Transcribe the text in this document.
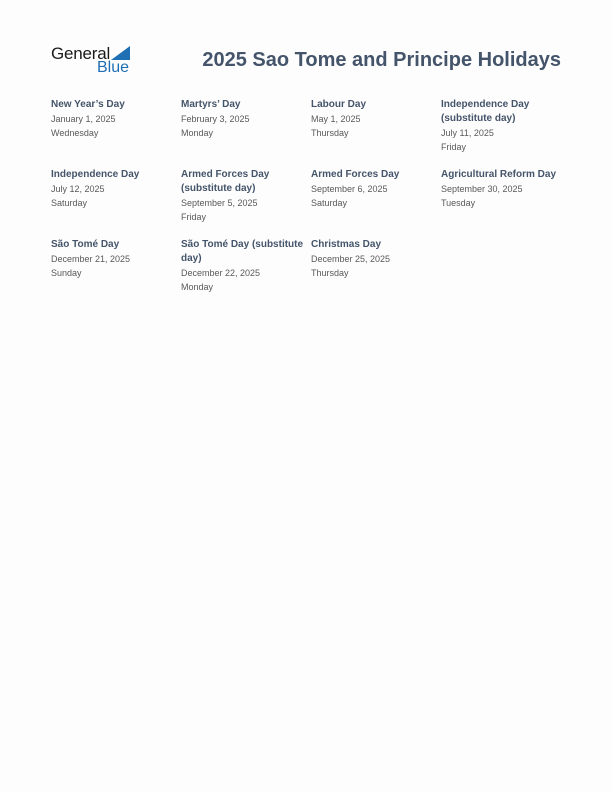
General
Blue	2025 Sao Tome and Principe Holidays
New Year’s Day
January 1, 2025
Wednesday
Martyrs’ Day
February 3, 2025
Monday
Labour Day
May 1, 2025
Thursday
Independence Day (substitute day)
July 11, 2025
Friday
Independence Day
July 12, 2025
Saturday
Armed Forces Day (substitute day)
September 5, 2025
Friday
Armed Forces Day
September 6, 2025
Saturday
Agricultural Reform Day
September 30, 2025
Tuesday
São Tomé Day
December 21, 2025
Sunday
São Tomé Day (substitute day)
December 22, 2025
Monday
Christmas Day
December 25, 2025
Thursday
